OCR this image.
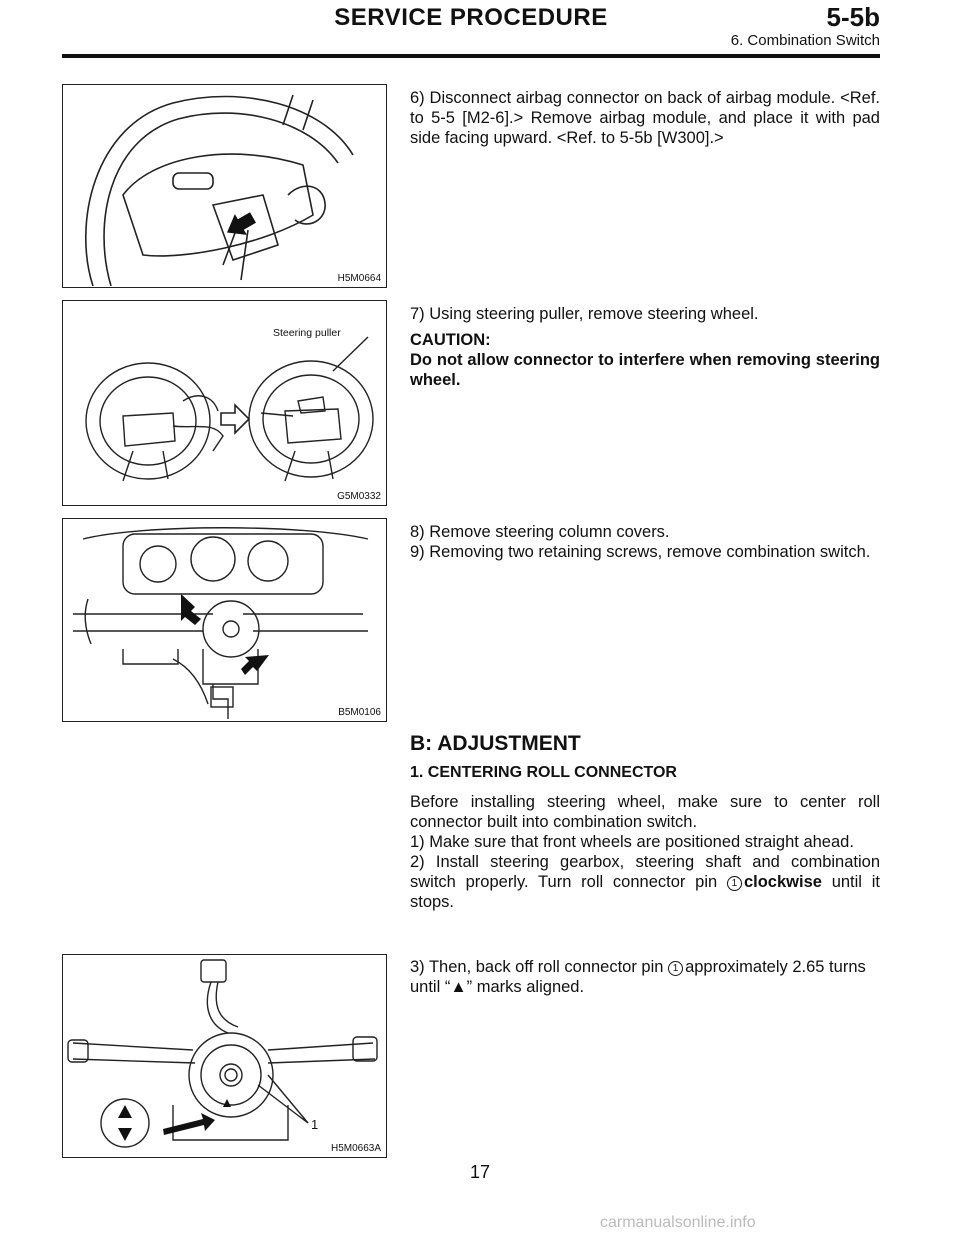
SERVICE PROCEDURE	5-5b
6. Combination Switch
H5M0664
Steering puller
G5M0332
B5M0106
1
H5M0663A

6) Disconnect airbag connector on back of airbag module. <Ref. to 5-5 [M2-6].> Remove airbag module, and place it with pad side facing upward. <Ref. to 5-5b [W300].>

7) Using steering puller, remove steering wheel.

CAUTION:

Do not allow connector to interfere when removing steering wheel.

8) Remove steering column covers.

9) Removing two retaining screws, remove combination switch.

B: ADJUSTMENT
1. CENTERING ROLL CONNECTOR

Before installing steering wheel, make sure to center roll connector built into combination switch.

1) Make sure that front wheels are positioned straight ahead.

2) Install steering gearbox, steering shaft and combination switch properly. Turn roll connector pin 1 clockwise until it stops.

3) Then, back off roll connector pin 1 approximately 2.65 turns until “▲” marks aligned.

17
carmanualsonline.info
